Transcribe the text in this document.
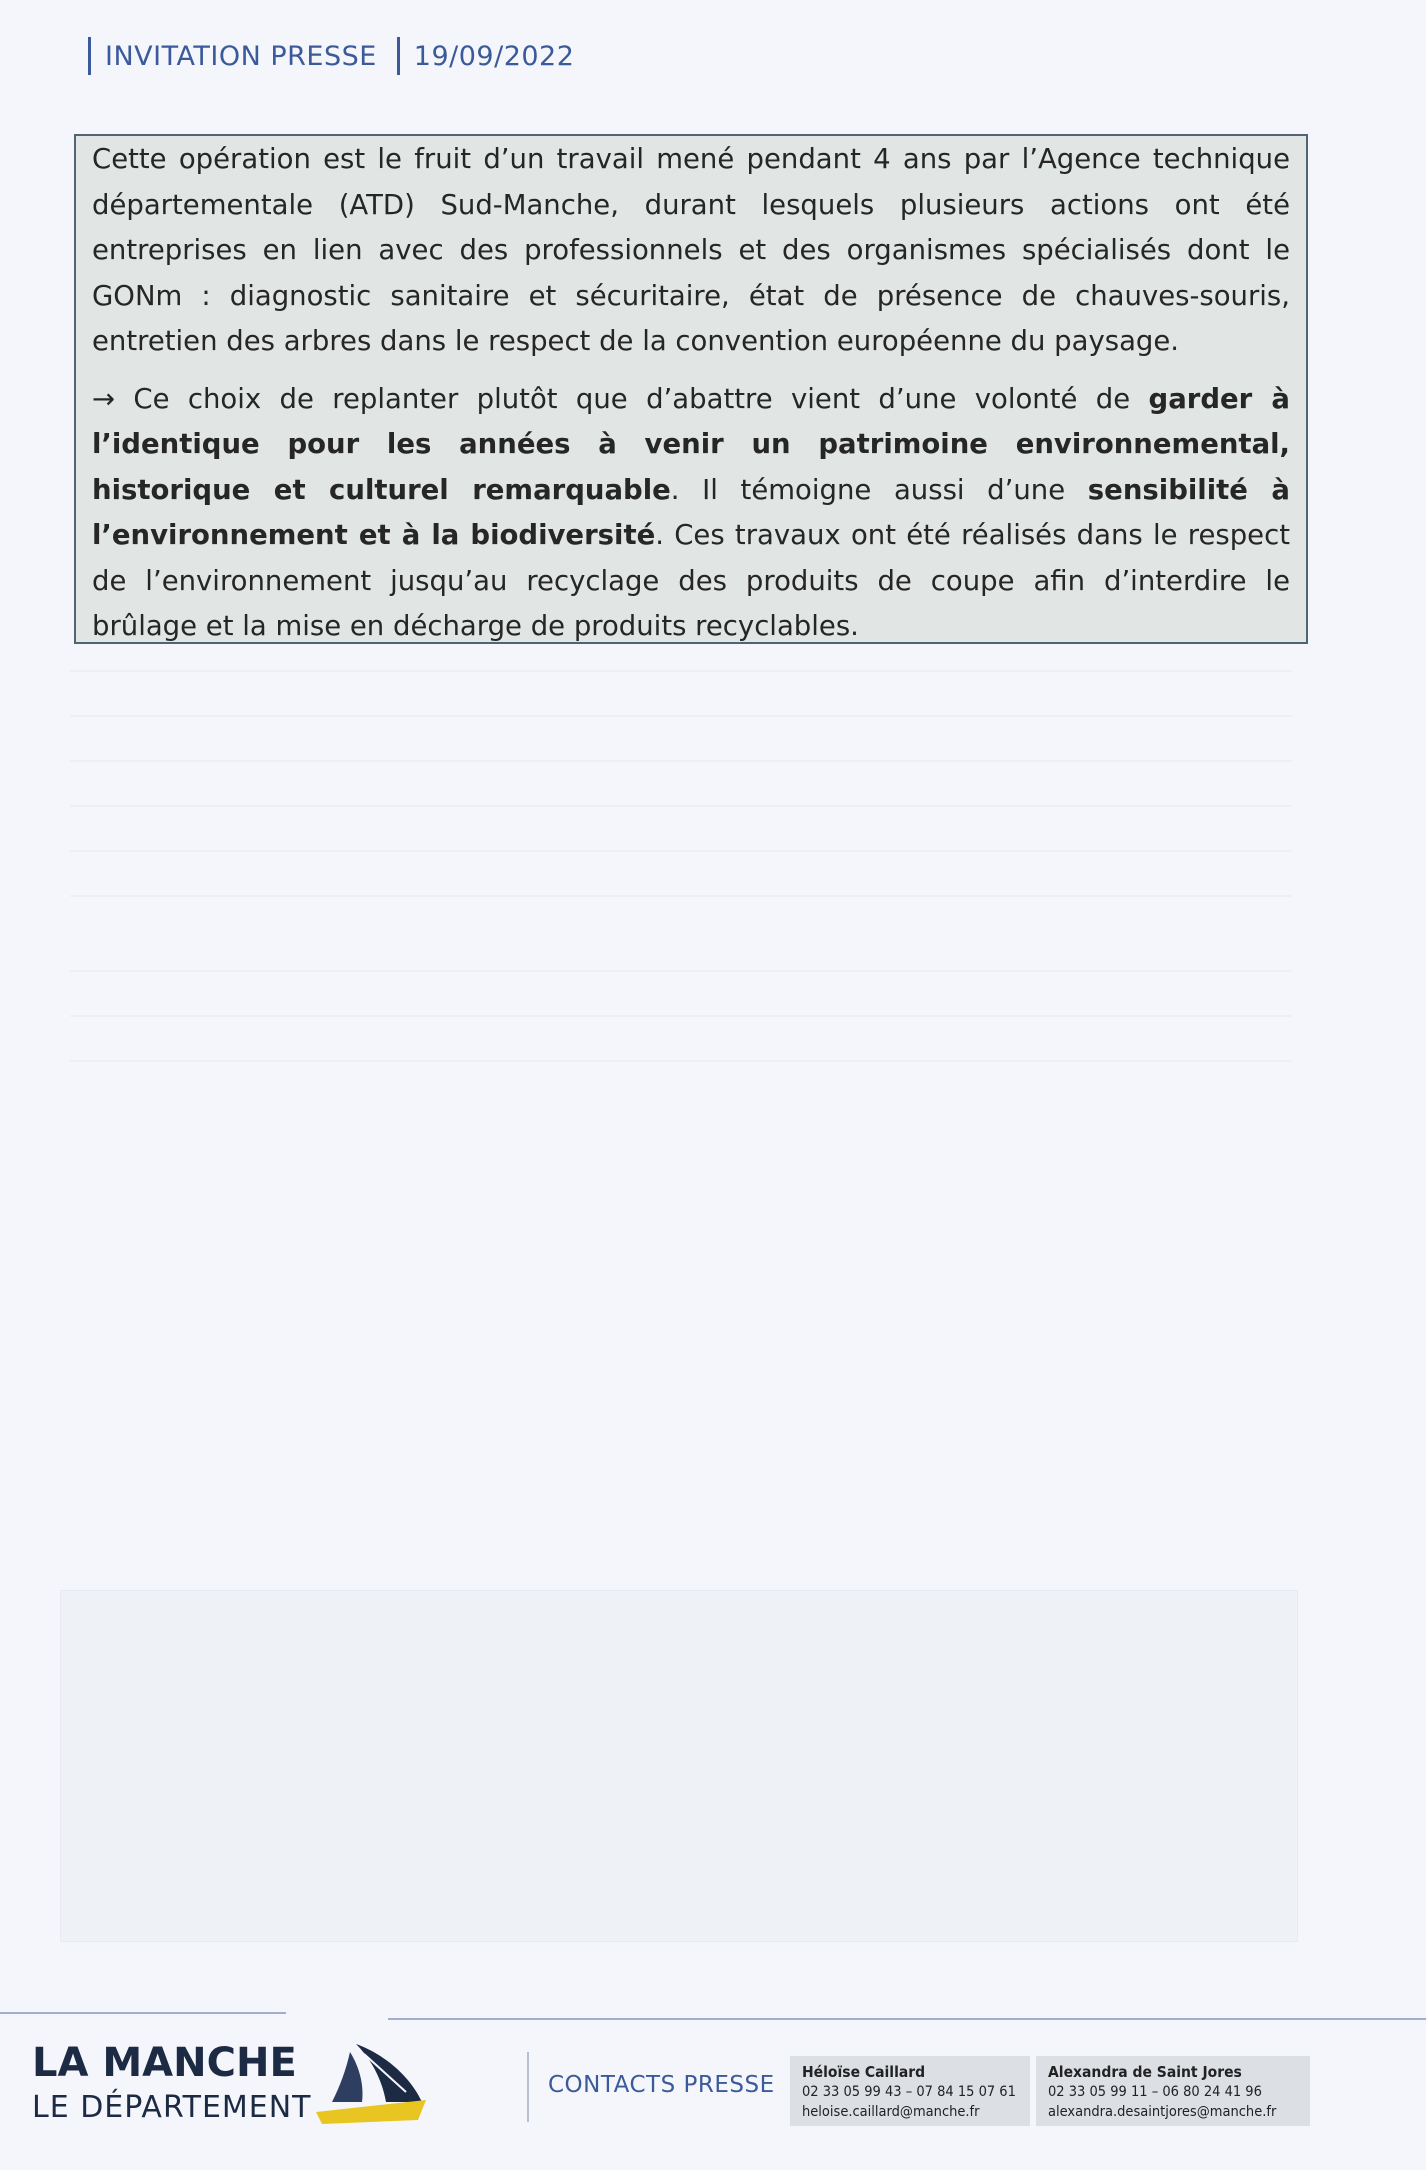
INVITATION PRESSE 19/09/2022

Cette opération est le fruit d’un travail mené pendant 4 ans par l’Agence technique départementale (ATD) Sud-Manche, durant lesquels plusieurs actions ont été entreprises en lien avec des professionnels et des organismes spécialisés dont le GONm : diagnostic sanitaire et sécuritaire, état de présence de chauves-souris, entretien des arbres dans le respect de la convention européenne du paysage.

→ Ce choix de replanter plutôt que d’abattre vient d’une volonté de garder à l’identique pour les années à venir un patrimoine environnemental, historique et culturel remarquable. Il témoigne aussi d’une sensibilité à l’environnement et à la biodiversité. Ces travaux ont été réalisés dans le respect de l’environnement jusqu’au recyclage des produits de coupe afin d’interdire le brûlage et la mise en décharge de produits recyclables.

LA MANCHE
LE DÉPARTEMENT
CONTACTS PRESSE Héloïse Caillard
02 33 05 99 43 – 07 84 15 07 61
heloise.caillard@manche.fr
Alexandra de Saint Jores
02 33 05 99 11 – 06 80 24 41 96
alexandra.desaintjores@manche.fr
